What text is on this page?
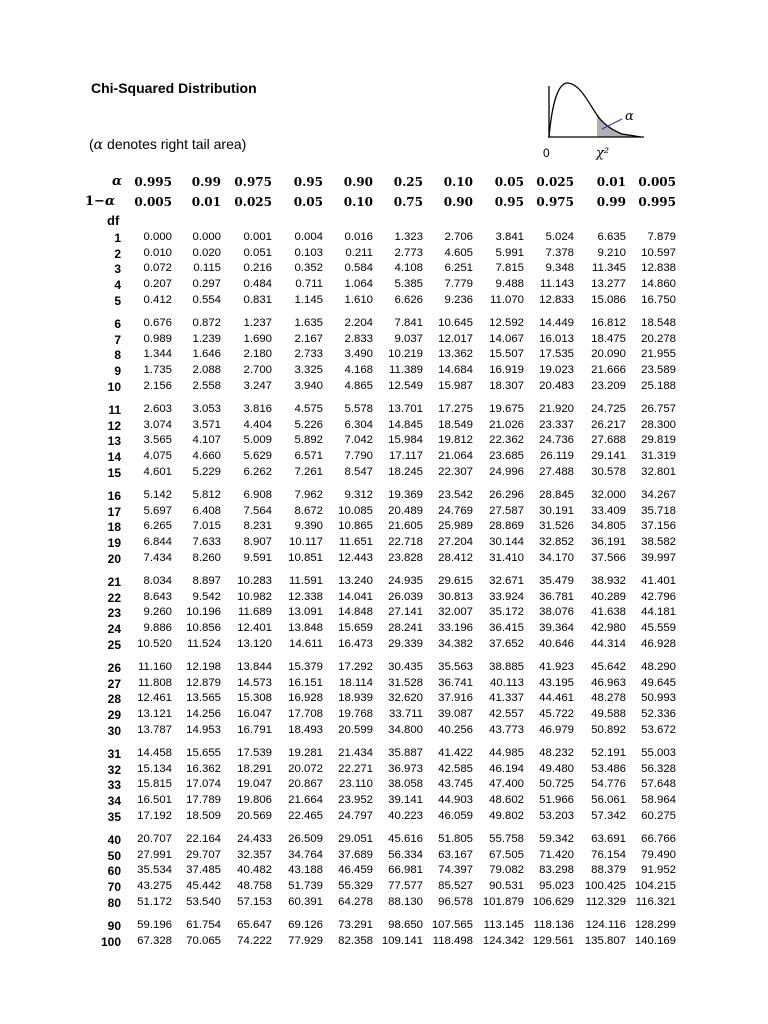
Chi-Squared Distribution
(α denotes right tail area)
α
0	χ²
α
1−α
df
0.995	0.99	0.975	0.95	0.90	0.25	0.10	0.05	0.025	0.01	0.005
0.005	0.01	0.025	0.05	0.10	0.75	0.90	0.95	0.975	0.99	0.995
1	0.000	0.000	0.001	0.004	0.016	1.323	2.706	3.841	5.024	6.635	7.879
2	0.010	0.020	0.051	0.103	0.211	2.773	4.605	5.991	7.378	9.210	10.597
3	0.072	0.115	0.216	0.352	0.584	4.108	6.251	7.815	9.348	11.345	12.838
4	0.207	0.297	0.484	0.711	1.064	5.385	7.779	9.488	11.143	13.277	14.860
5	0.412	0.554	0.831	1.145	1.610	6.626	9.236	11.070	12.833	15.086	16.750
6	0.676	0.872	1.237	1.635	2.204	7.841	10.645	12.592	14.449	16.812	18.548
7	0.989	1.239	1.690	2.167	2.833	9.037	12.017	14.067	16.013	18.475	20.278
8	1.344	1.646	2.180	2.733	3.490	10.219	13.362	15.507	17.535	20.090	21.955
9	1.735	2.088	2.700	3.325	4.168	11.389	14.684	16.919	19.023	21.666	23.589
10	2.156	2.558	3.247	3.940	4.865	12.549	15.987	18.307	20.483	23.209	25.188
11	2.603	3.053	3.816	4.575	5.578	13.701	17.275	19.675	21.920	24.725	26.757
12	3.074	3.571	4.404	5.226	6.304	14.845	18.549	21.026	23.337	26.217	28.300
13	3.565	4.107	5.009	5.892	7.042	15.984	19.812	22.362	24.736	27.688	29.819
14	4.075	4.660	5.629	6.571	7.790	17.117	21.064	23.685	26.119	29.141	31.319
15	4.601	5.229	6.262	7.261	8.547	18.245	22.307	24.996	27.488	30.578	32.801
16	5.142	5.812	6.908	7.962	9.312	19.369	23.542	26.296	28.845	32.000	34.267
17	5.697	6.408	7.564	8.672	10.085	20.489	24.769	27.587	30.191	33.409	35.718
18	6.265	7.015	8.231	9.390	10.865	21.605	25.989	28.869	31.526	34.805	37.156
19	6.844	7.633	8.907	10.117	11.651	22.718	27.204	30.144	32.852	36.191	38.582
20	7.434	8.260	9.591	10.851	12.443	23.828	28.412	31.410	34.170	37.566	39.997
21	8.034	8.897	10.283	11.591	13.240	24.935	29.615	32.671	35.479	38.932	41.401
22	8.643	9.542	10.982	12.338	14.041	26.039	30.813	33.924	36.781	40.289	42.796
23	9.260	10.196	11.689	13.091	14.848	27.141	32.007	35.172	38.076	41.638	44.181
24	9.886	10.856	12.401	13.848	15.659	28.241	33.196	36.415	39.364	42.980	45.559
25	10.520	11.524	13.120	14.611	16.473	29.339	34.382	37.652	40.646	44.314	46.928
26	11.160	12.198	13.844	15.379	17.292	30.435	35.563	38.885	41.923	45.642	48.290
27	11.808	12.879	14.573	16.151	18.114	31.528	36.741	40.113	43.195	46.963	49.645
28	12.461	13.565	15.308	16.928	18.939	32.620	37.916	41.337	44.461	48.278	50.993
29	13.121	14.256	16.047	17.708	19.768	33.711	39.087	42.557	45.722	49.588	52.336
30	13.787	14.953	16.791	18.493	20.599	34.800	40.256	43.773	46.979	50.892	53.672
31	14.458	15.655	17.539	19.281	21.434	35.887	41.422	44.985	48.232	52.191	55.003
32	15.134	16.362	18.291	20.072	22.271	36.973	42.585	46.194	49.480	53.486	56.328
33	15.815	17.074	19.047	20.867	23.110	38.058	43.745	47.400	50.725	54.776	57.648
34	16.501	17.789	19.806	21.664	23.952	39.141	44.903	48.602	51.966	56.061	58.964
35	17.192	18.509	20.569	22.465	24.797	40.223	46.059	49.802	53.203	57.342	60.275
40	20.707	22.164	24.433	26.509	29.051	45.616	51.805	55.758	59.342	63.691	66.766
50	27.991	29.707	32.357	34.764	37.689	56.334	63.167	67.505	71.420	76.154	79.490
60	35.534	37.485	40.482	43.188	46.459	66.981	74.397	79.082	83.298	88.379	91.952
70	43.275	45.442	48.758	51.739	55.329	77.577	85.527	90.531	95.023 100.425 104.215
80	51.172	53.540	57.153	60.391	64.278	88.130	96.578 101.879 106.629	112.329 116.321
90	59.196	61.754	65.647	69.126	73.291	98.650 107.565 113.145 118.136	124.116 128.299
100	67.328	70.065	74.222	77.929	82.358 109.141 118.498 124.342 129.561 135.807 140.169
